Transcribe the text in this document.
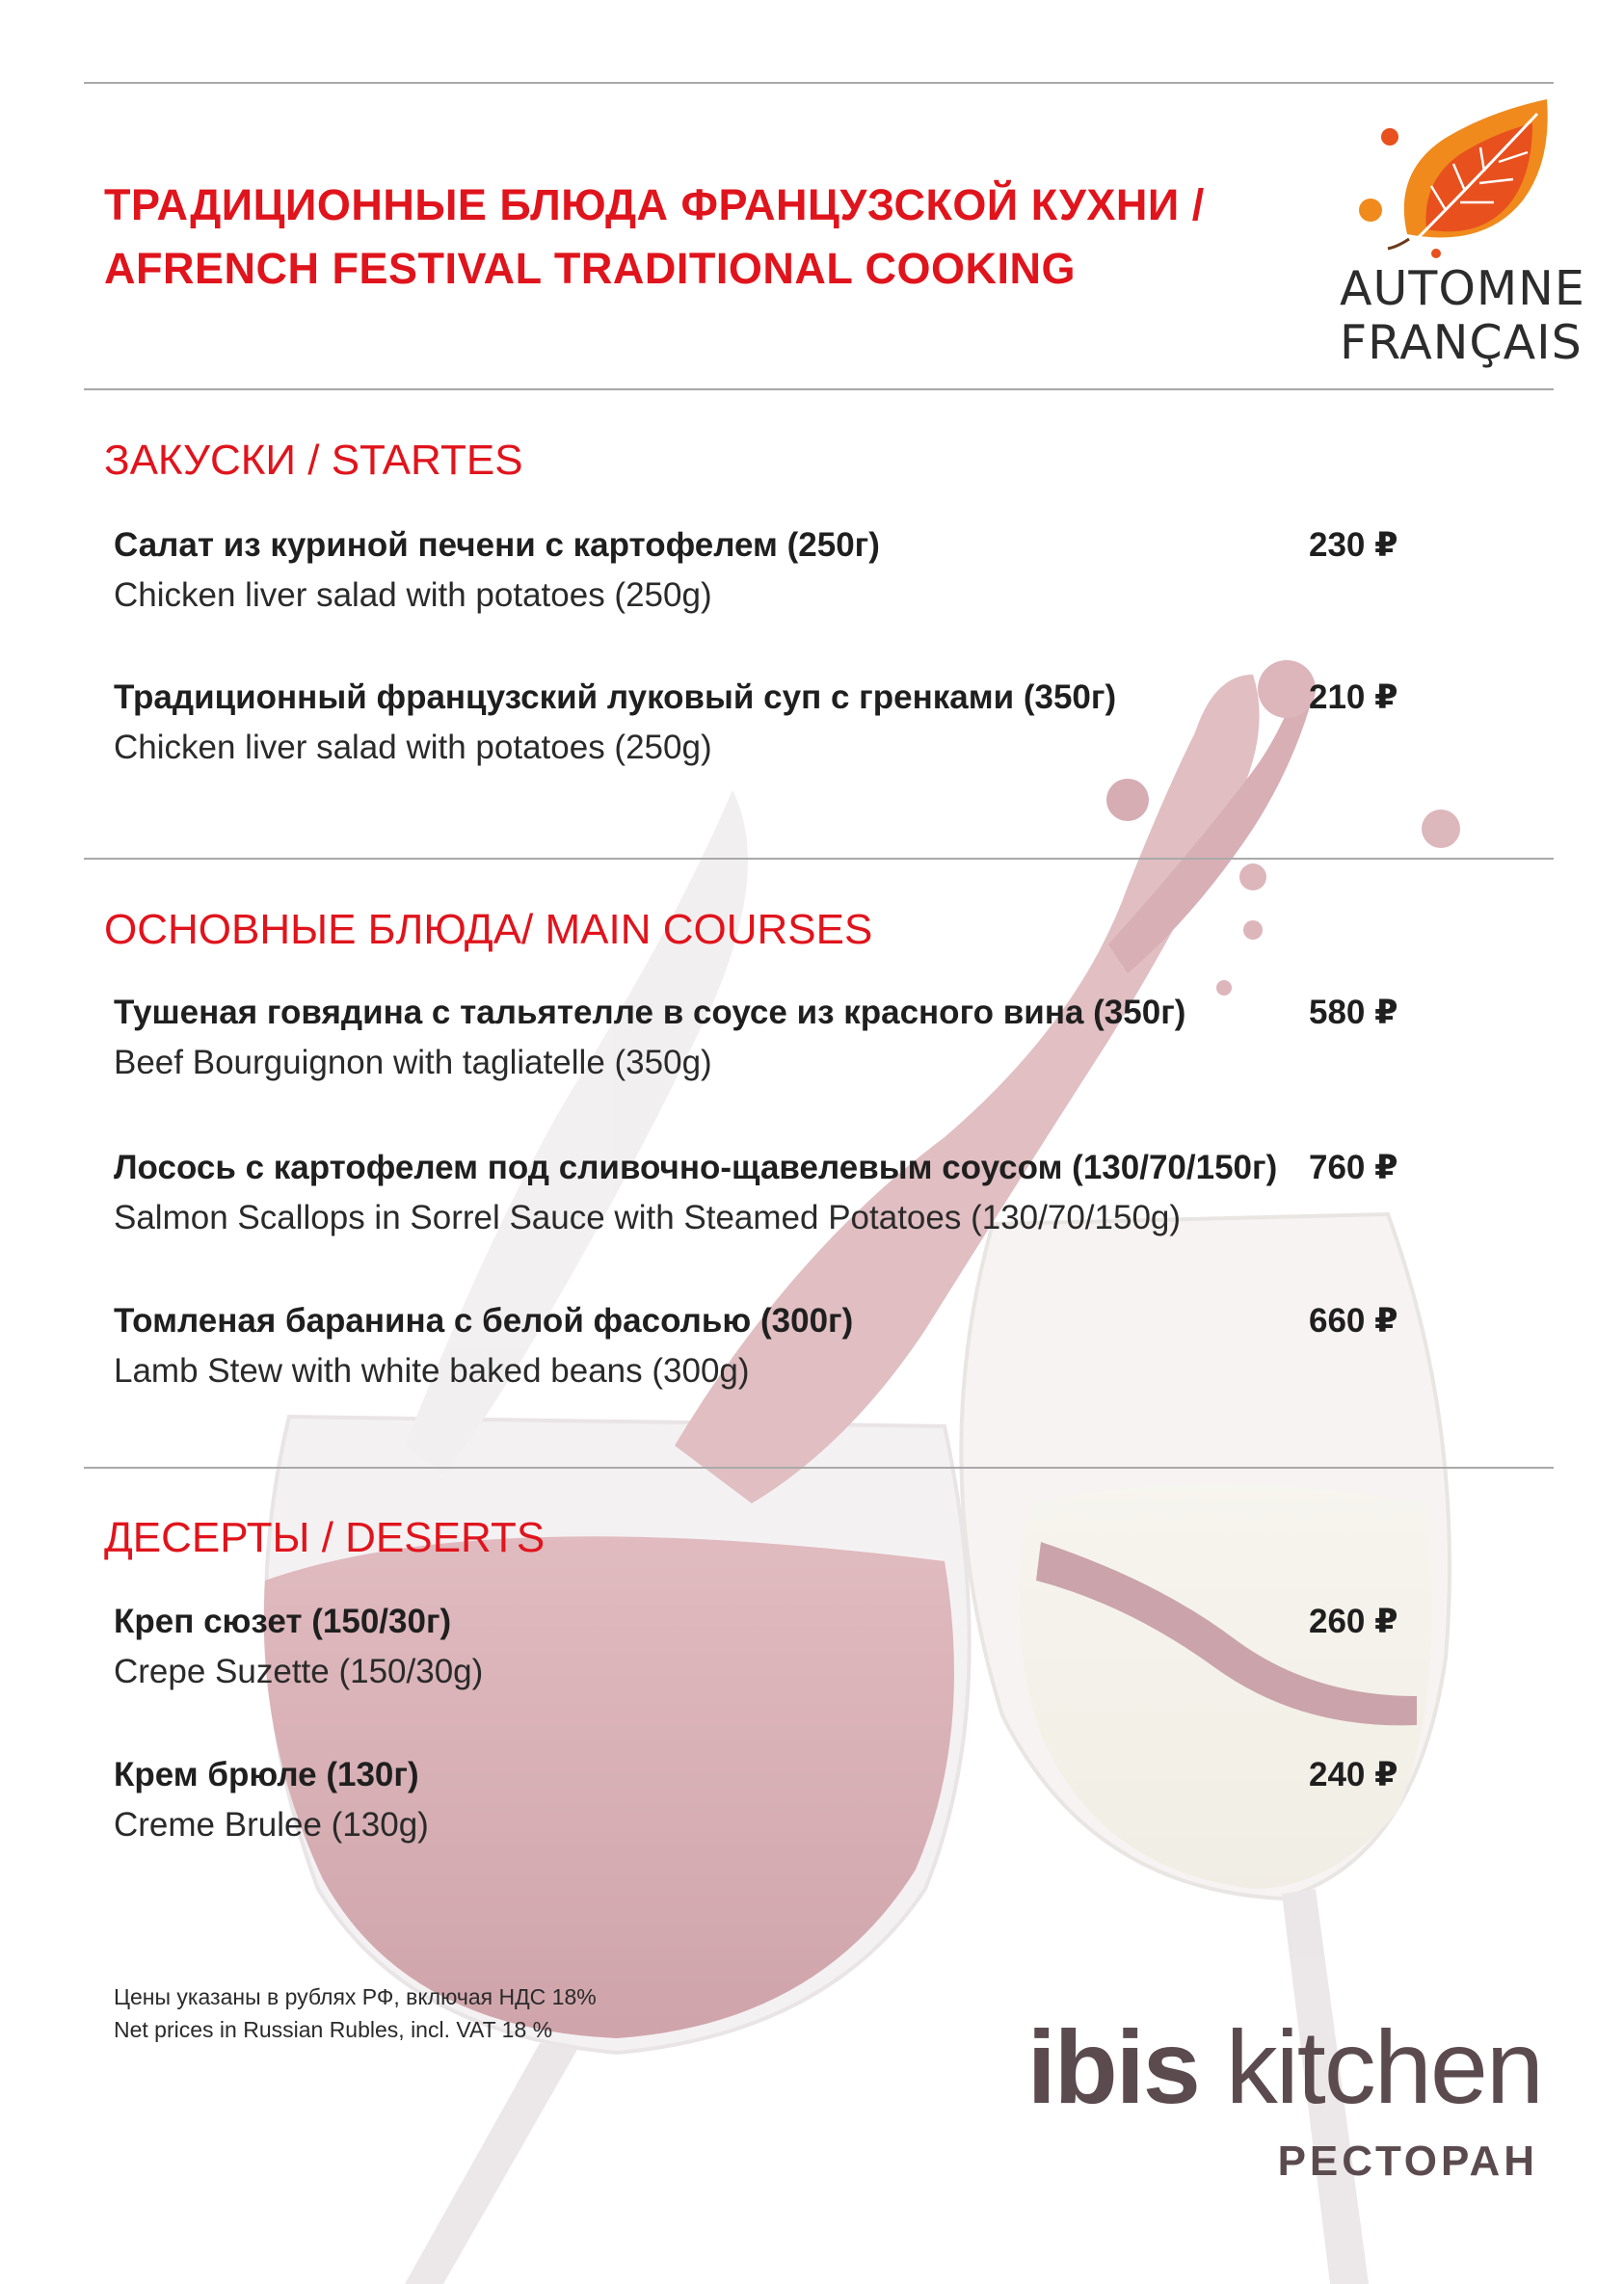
ТРАДИЦИОННЫЕ БЛЮДА ФРАНЦУЗСКОЙ КУХНИ /
AFRENCH FESTIVAL TRADITIONAL COOKING	AUTOMNE
FRANÇAIS
ЗАКУСКИ / STARTES
Салат из куриной печени с картофелем (250г)
Chicken liver salad with potatoes (250g)
230 ₽
Традиционный французский луковый суп с гренками (350г)
Chicken liver salad with potatoes (250g)
210 ₽
ОСНОВНЫЕ БЛЮДА/ MAIN COURSES
Тушеная говядина с тальятелле в соусе из красного вина (350г)
Beef Bourguignon with tagliatelle (350g)
580 ₽
Лосось с картофелем под сливочно-щавелевым соусом (130/70/150г)
Salmon Scallops in Sorrel Sauce with Steamed Potatoes (130/70/150g)
760 ₽
Томленая баранина с белой фасолью (300г)
Lamb Stew with white baked beans (300g)
660 ₽
ДЕСЕРТЫ / DESERTS
Креп сюзет (150/30г)
Crepe Suzette (150/30g)
260 ₽
Крем брюле (130г)
Creme Brulee (130g)
240 ₽
Цены указаны в рублях РФ, включая НДС 18%
Net prices in Russian Rubles, incl. VAT 18 %	ibis kitchen
РЕСТОРАН
